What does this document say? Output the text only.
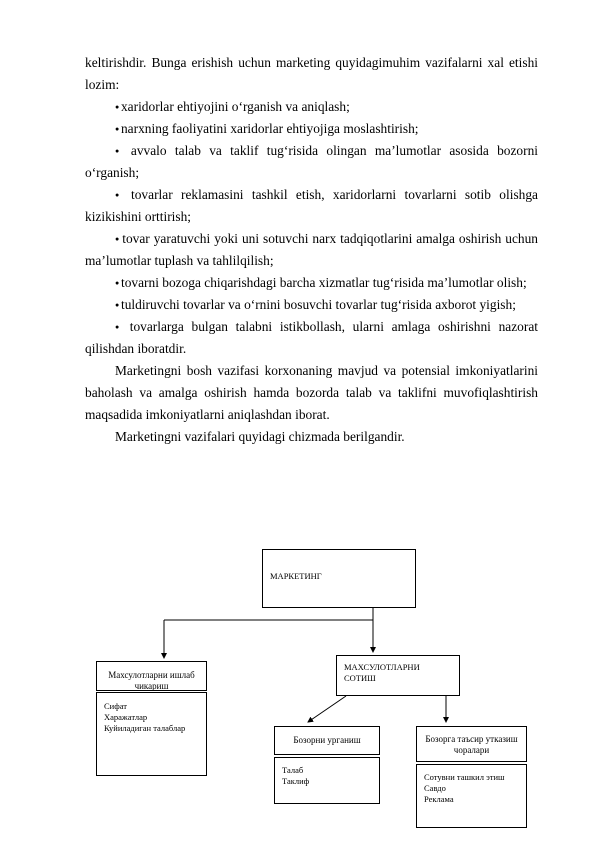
keltirishdir. Bunga erishish uchun marketing quyidagimuhim vazifalarni xal etishi lozim:

● xaridorlar ehtiyojini o‘rganish va aniqlash;

● narxning faoliyatini xaridorlar ehtiyojiga moslashtirish;

● avvalo talab va taklif tug‘risida olingan ma’lumotlar asosida bozorni o‘rganish;

● tovarlar reklamasini tashkil etish, xaridorlarni tovarlarni sotib olishga kizikishini orttirish;

● tovar yaratuvchi yoki uni sotuvchi narx tadqiqotlarini amalga oshirish uchun ma’lumotlar tuplash va tahlilqilish;

● tovarni bozoga chiqarishdagi barcha xizmatlar tug‘risida ma’lumotlar olish;

● tuldiruvchi tovarlar va o‘rnini bosuvchi tovarlar tug‘risida axborot yigish;

● tovarlarga bulgan talabni istikbollash, ularni amlaga oshirishni nazorat qilishdan iboratdir.

Marketingni bosh vazifasi korxonaning mavjud va potensial imkoniyatlarini baholash va amalga oshirish hamda bozorda talab va taklifni muvofiqlashtirish maqsadida imkoniyatlarni aniqlashdan iborat.

Marketingni vazifalari quyidagi chizmada berilgandir.

МАРКЕТИНГ
Махсулотларни ишлаб чикариш
Сифат
Харажатлар
Куйиладиган талаблар
МАХСУЛОТЛАРНИ СОТИШ
Бозорни урганиш
Талаб
Таклиф
Бозорга таъсир утказиш чоралари
Сотувни ташкил этиш
Савдо
Реклама
